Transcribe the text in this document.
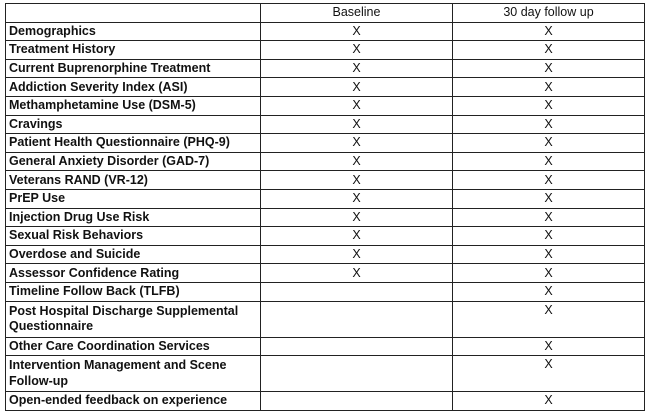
	Baseline	30 day follow up
Demographics	X	X
Treatment History	X	X
Current Buprenorphine Treatment	X	X
Addiction Severity Index (ASI)	X	X
Methamphetamine Use (DSM-5)	X	X
Cravings	X	X
Patient Health Questionnaire (PHQ-9)	X	X
General Anxiety Disorder (GAD-7)	X	X
Veterans RAND (VR-12)	X	X
PrEP Use	X	X
Injection Drug Use Risk	X	X
Sexual Risk Behaviors	X	X
Overdose and Suicide	X	X
Assessor Confidence Rating	X	X
Timeline Follow Back (TLFB)		X
Post Hospital Discharge Supplemental Questionnaire		X
Other Care Coordination Services		X
Intervention Management and Scene Follow-up		X
Open-ended feedback on experience		X
